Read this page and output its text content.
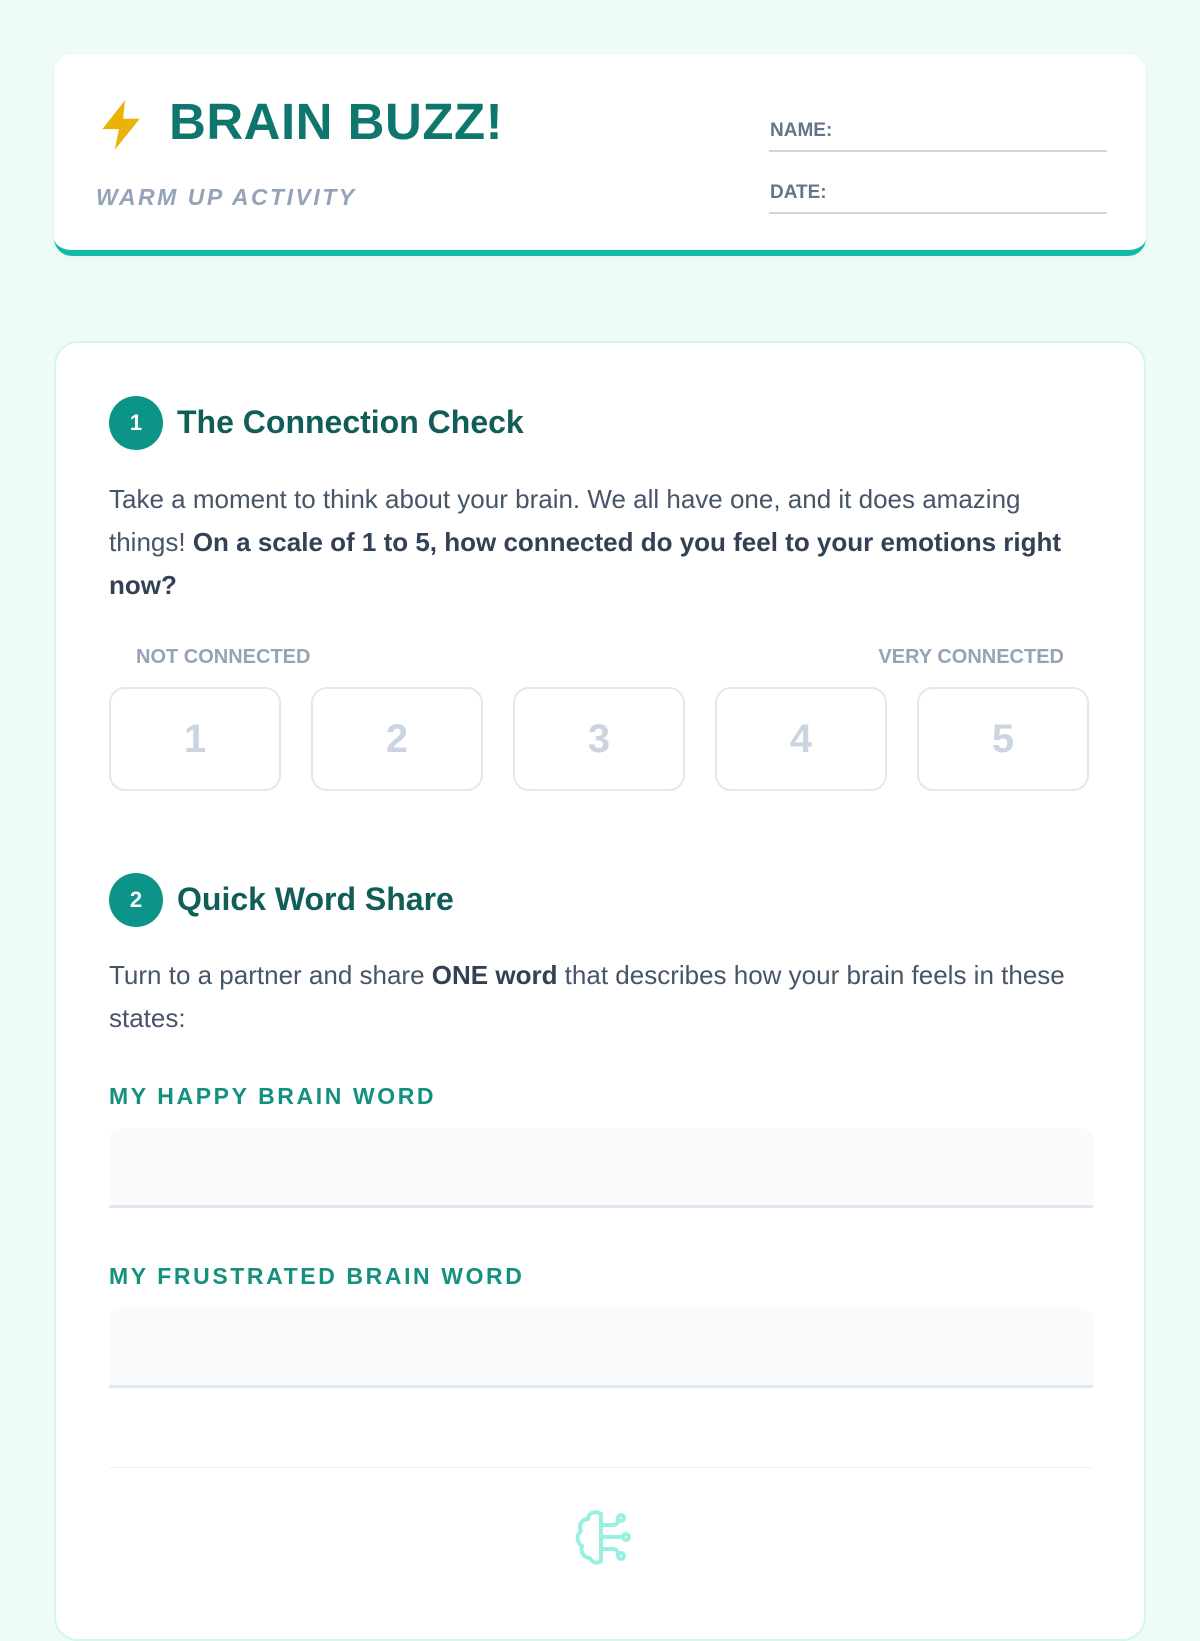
BRAIN BUZZ!
WARM UP ACTIVITY
NAME:
DATE:
1	The Connection Check
Take a moment to think about your brain. We all have one, and it does amazing things! On a scale of 1 to 5, how connected do you feel to your emotions right now?
NOT CONNECTED	VERY CONNECTED
1	2	3	4	5
2	Quick Word Share
Turn to a partner and share ONE word that describes how your brain feels in these states:
MY HAPPY BRAIN WORD
MY FRUSTRATED BRAIN WORD
